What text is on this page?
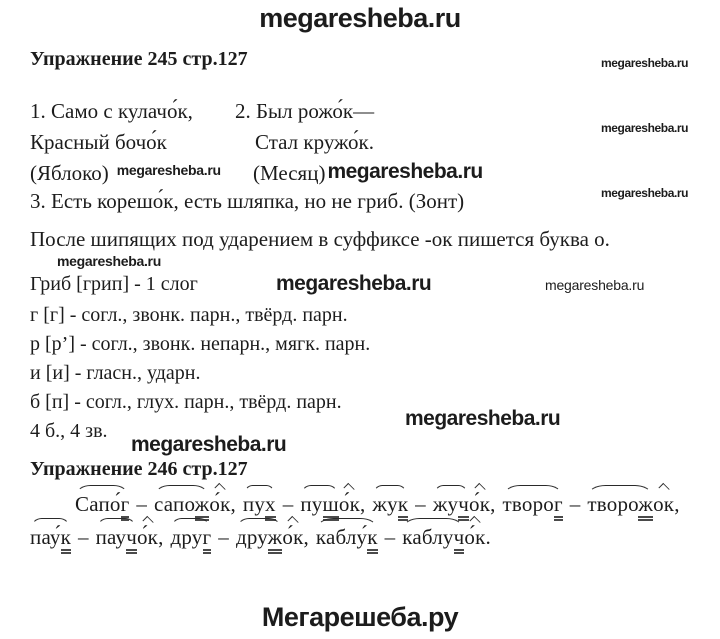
megaresheba.ru
Упражнение 245 стр.127	megaresheba.ru
megaresheba.ru
megaresheba.ru
1. Само с кулачо́к,
Красный бочо́к
(Яблоко) $^{megaresheba.ru}$
2. Был рожо́к—
Стал кружо́к.
(Месяц)megaresheba.ru
3. Есть корешо́к, есть шляпка, но не гриб. (Зонт)
После шипящих под ударением в суффиксе -ок пишется буква о.
megaresheba.ru
Гриб [грип] - 1 слог	megaresheba.ru	megaresheba.ru
г [г] - согл., звонк. парн., твёрд. парн.
р [р’] - согл., звонк. непарн., мягк. парн.
и [и] - гласн., ударн.
б [п] - согл., глух. парн., твёрд. парн.
4 б., 4 зв.
megaresheba.ru
megaresheba.ru
Упражнение 246 стр.127
Сапо́г – сапожо́к, пух – пушо́к, жук – жучо́к, творог – творожок,
пау́к – паучо́к, друг – дружо́к, каблу́к – каблучо́к.
Мегарешеба.ру
